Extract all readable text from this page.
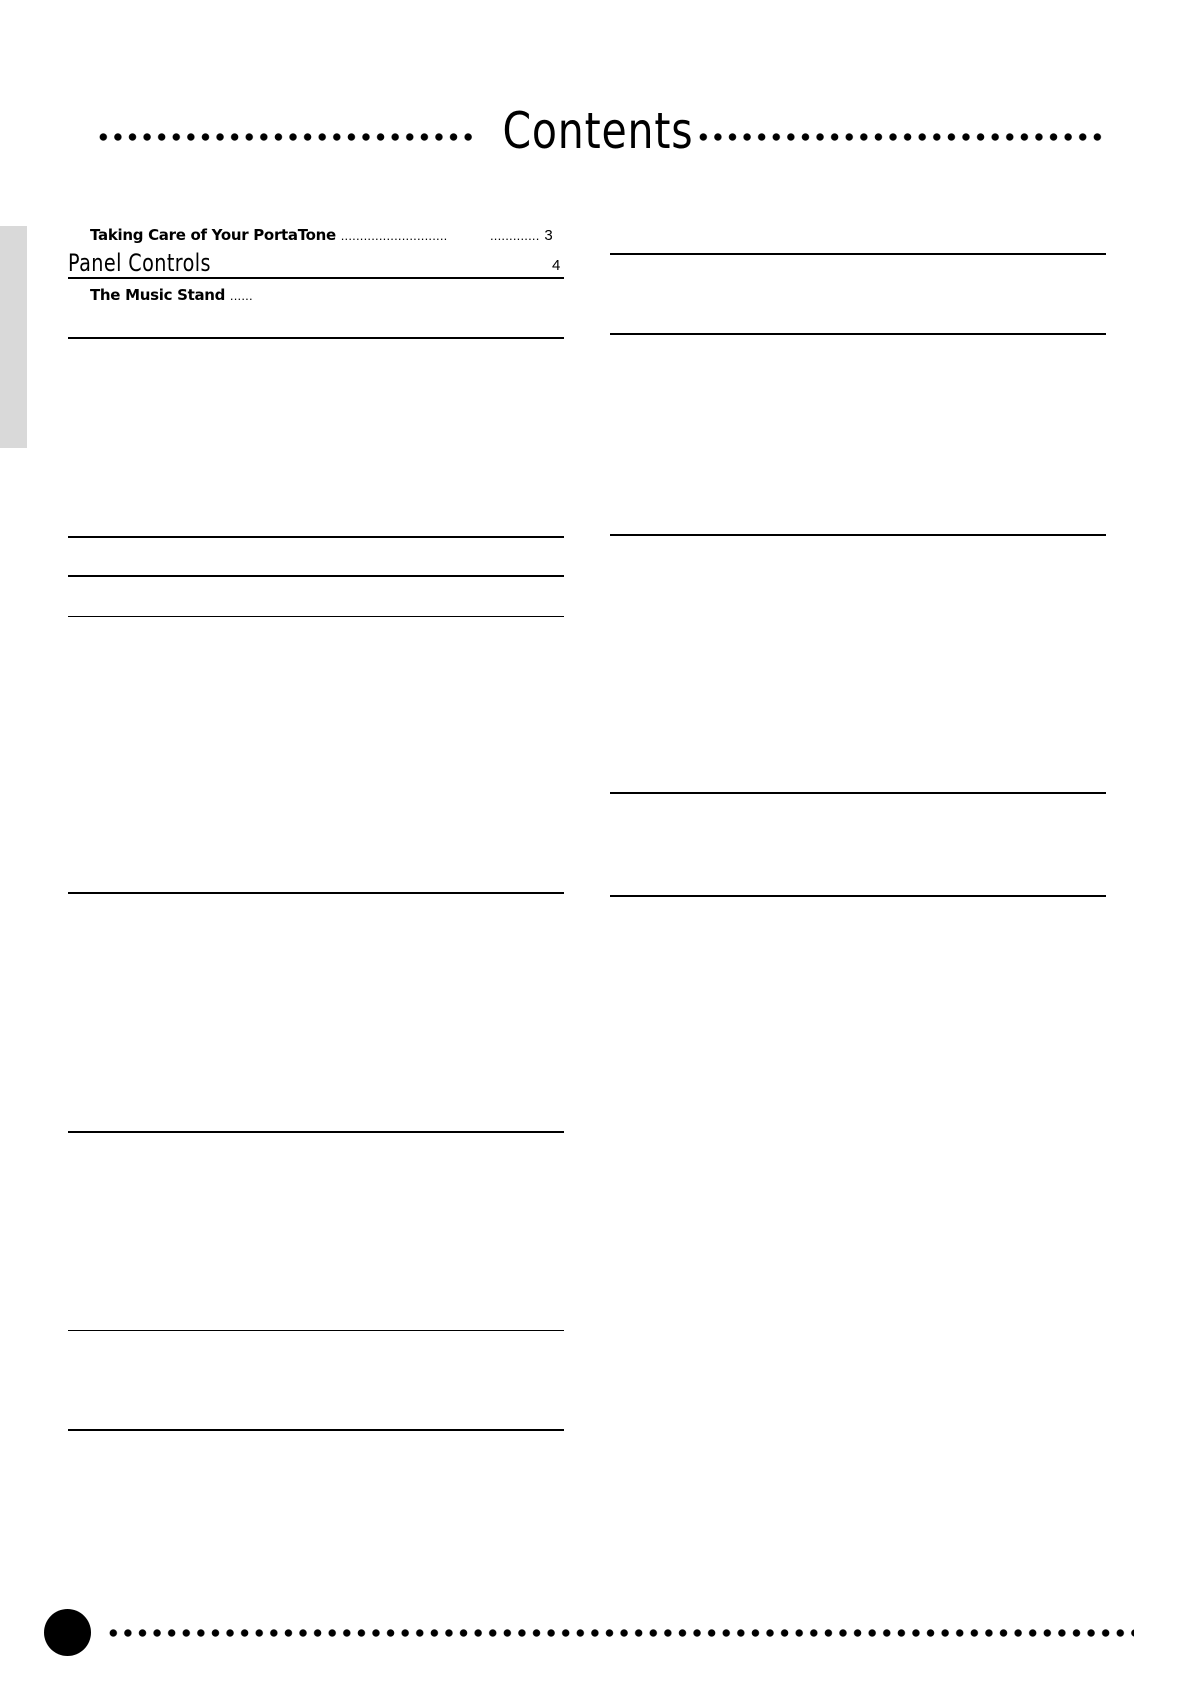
Contents
Taking Care of Your PortaTone ............................	............. 3
Panel Controls	4
The Music Stand ......
